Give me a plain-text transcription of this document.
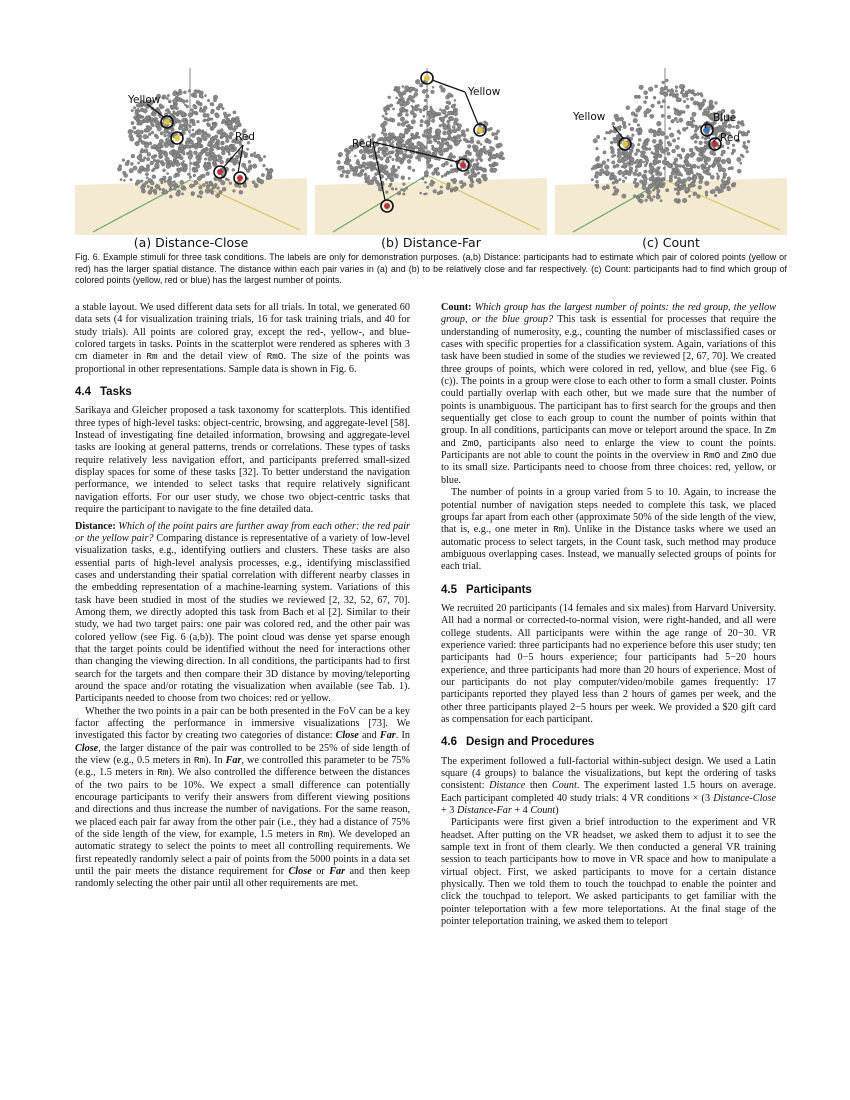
Yellow
Red
Yellow
Red
Yellow	Blue
Red
(a) Distance-Close	(b) Distance-Far	(c) Count
Fig. 6. Example stimuli for three task conditions. The labels are only for demonstration purposes. (a,b) Distance: participants had to estimate which pair of colored points (yellow or red) has the larger spatial distance. The distance within each pair varies in (a) and (b) to be relatively close and far respectively. (c) Count: participants had to find which group of colored points (yellow, red or blue) has the largest number of points.

a stable layout. We used different data sets for all trials. In total, we generated 60 data sets (4 for visualization training trials, 16 for task training trials, and 40 for study trials). All points are colored gray, except the red-, yellow-, and blue-colored targets in tasks. Points in the scatterplot were rendered as spheres with 3 cm diameter in Rm and the detail view of RmO. The size of the points was proportional in other representations. Sample data is shown in Fig. 6.

4.4 Tasks

Sarikaya and Gleicher proposed a task taxonomy for scatterplots. This identified three types of high-level tasks: object-centric, browsing, and aggregate-level [58]. Instead of investigating fine detailed information, browsing and aggregate-level tasks are looking at general patterns, trends or correlations. These types of tasks require relatively less navigation effort, and participants preferred small-sized display spaces for some of these tasks [32]. To better understand the navigation performance, we intended to select tasks that require relatively significant navigation efforts. For our user study, we chose two object-centric tasks that require the participant to navigate to the fine detailed data.

Distance: Which of the point pairs are further away from each other: the red pair or the yellow pair? Comparing distance is representative of a variety of low-level visualization tasks, e.g., identifying outliers and clusters. These tasks are also essential parts of high-level analysis processes, e.g., identifying misclassified cases and understanding their spatial correlation with different nearby classes in the embedding representation of a machine-learning system. Variations of this task have been studied in most of the studies we reviewed [2, 32, 52, 67, 70]. Among them, we directly adopted this task from Bach et al [2]. Similar to their study, we had two target pairs: one pair was colored red, and the other pair was colored yellow (see Fig. 6 (a,b)). The point cloud was dense yet sparse enough that the target points could be identified without the need for interactions other than changing the viewing direction. In all conditions, the participants had to first search for the targets and then compare their 3D distance by moving/teleporting around the space and/or rotating the visualization when available (see Tab. 1). Participants needed to choose from two choices: red or yellow.

Whether the two points in a pair can be both presented in the FoV can be a key factor affecting the performance in immersive visualizations [73]. We investigated this factor by creating two categories of distance: Close and Far. In Close, the larger distance of the pair was controlled to be 25% of side length of the view (e.g., 0.5 meters in Rm). In Far, we controlled this parameter to be 75% (e.g., 1.5 meters in Rm). We also controlled the difference between the distances of the two pairs to be 10%. We expect a small difference can potentially encourage participants to verify their answers from different viewing positions and directions and thus increase the number of navigations. For the same reason, we placed each pair far away from the other pair (i.e., they had a distance of 75% of the side length of the view, for example, 1.5 meters in Rm). We developed an automatic strategy to select the points to meet all controlling requirements. We first repeatedly randomly select a pair of points from the 5000 points in a data set until the pair meets the distance requirement for Close or Far and then keep randomly selecting the other pair until all other requirements are met.

Count: Which group has the largest number of points: the red group, the yellow group, or the blue group? This task is essential for processes that require the understanding of numerosity, e.g., counting the number of misclassified cases or cases with specific properties for a classification system. Again, variations of this task have been studied in some of the studies we reviewed [2, 67, 70]. We created three groups of points, which were colored in red, yellow, and blue (see Fig. 6 (c)). The points in a group were close to each other to form a small cluster. Points could partially overlap with each other, but we made sure that the number of points is unambiguous. The participant has to first search for the groups and then sequentially get close to each group to count the number of points within that group. In all conditions, participants can move or teleport around the space. In Zm and ZmO, participants also need to enlarge the view to count the points. Participants are not able to count the points in the overview in RmO and ZmO due to its small size. Participants need to choose from three choices: red, yellow, or blue.

The number of points in a group varied from 5 to 10. Again, to increase the potential number of navigation steps needed to complete this task, we placed groups far apart from each other (approximate 50% of the side length of the view, that is, e.g., one meter in Rm). Unlike in the Distance tasks where we used an automatic process to select targets, in the Count task, such method may produce ambiguous overlapping cases. Instead, we manually selected groups of points for each trial.

4.5 Participants

We recruited 20 participants (14 females and six males) from Harvard University. All had a normal or corrected-to-normal vision, were right-handed, and all were college students. All participants were within the age range of 20−30. VR experience varied: three participants had no experience before this user study; ten participants had 0−5 hours experience; four participants had 5−20 hours experience, and three participants had more than 20 hours of experience. Most of our participants do not play computer/video/mobile games frequently: 17 participants reported they played less than 2 hours of games per week, and the other three participants played 2−5 hours per week. We provided a $20 gift card as compensation for each participant.

4.6 Design and Procedures

The experiment followed a full-factorial within-subject design. We used a Latin square (4 groups) to balance the visualizations, but kept the ordering of tasks consistent: Distance then Count. The experiment lasted 1.5 hours on average. Each participant completed 40 study trials: 4 VR conditions × (3 Distance-Close + 3 Distance-Far + 4 Count)

Participants were first given a brief introduction to the experiment and VR headset. After putting on the VR headset, we asked them to adjust it to see the sample text in front of them clearly. We then conducted a general VR training session to teach participants how to move in VR space and how to manipulate a virtual object. First, we asked participants to move for a certain distance physically. Then we told them to touch the touchpad to enable the pointer and click the touchpad to teleport. We asked participants to get familiar with the pointer teleportation with a few more teleportations. At the final stage of the pointer teleportation training, we asked them to teleport
